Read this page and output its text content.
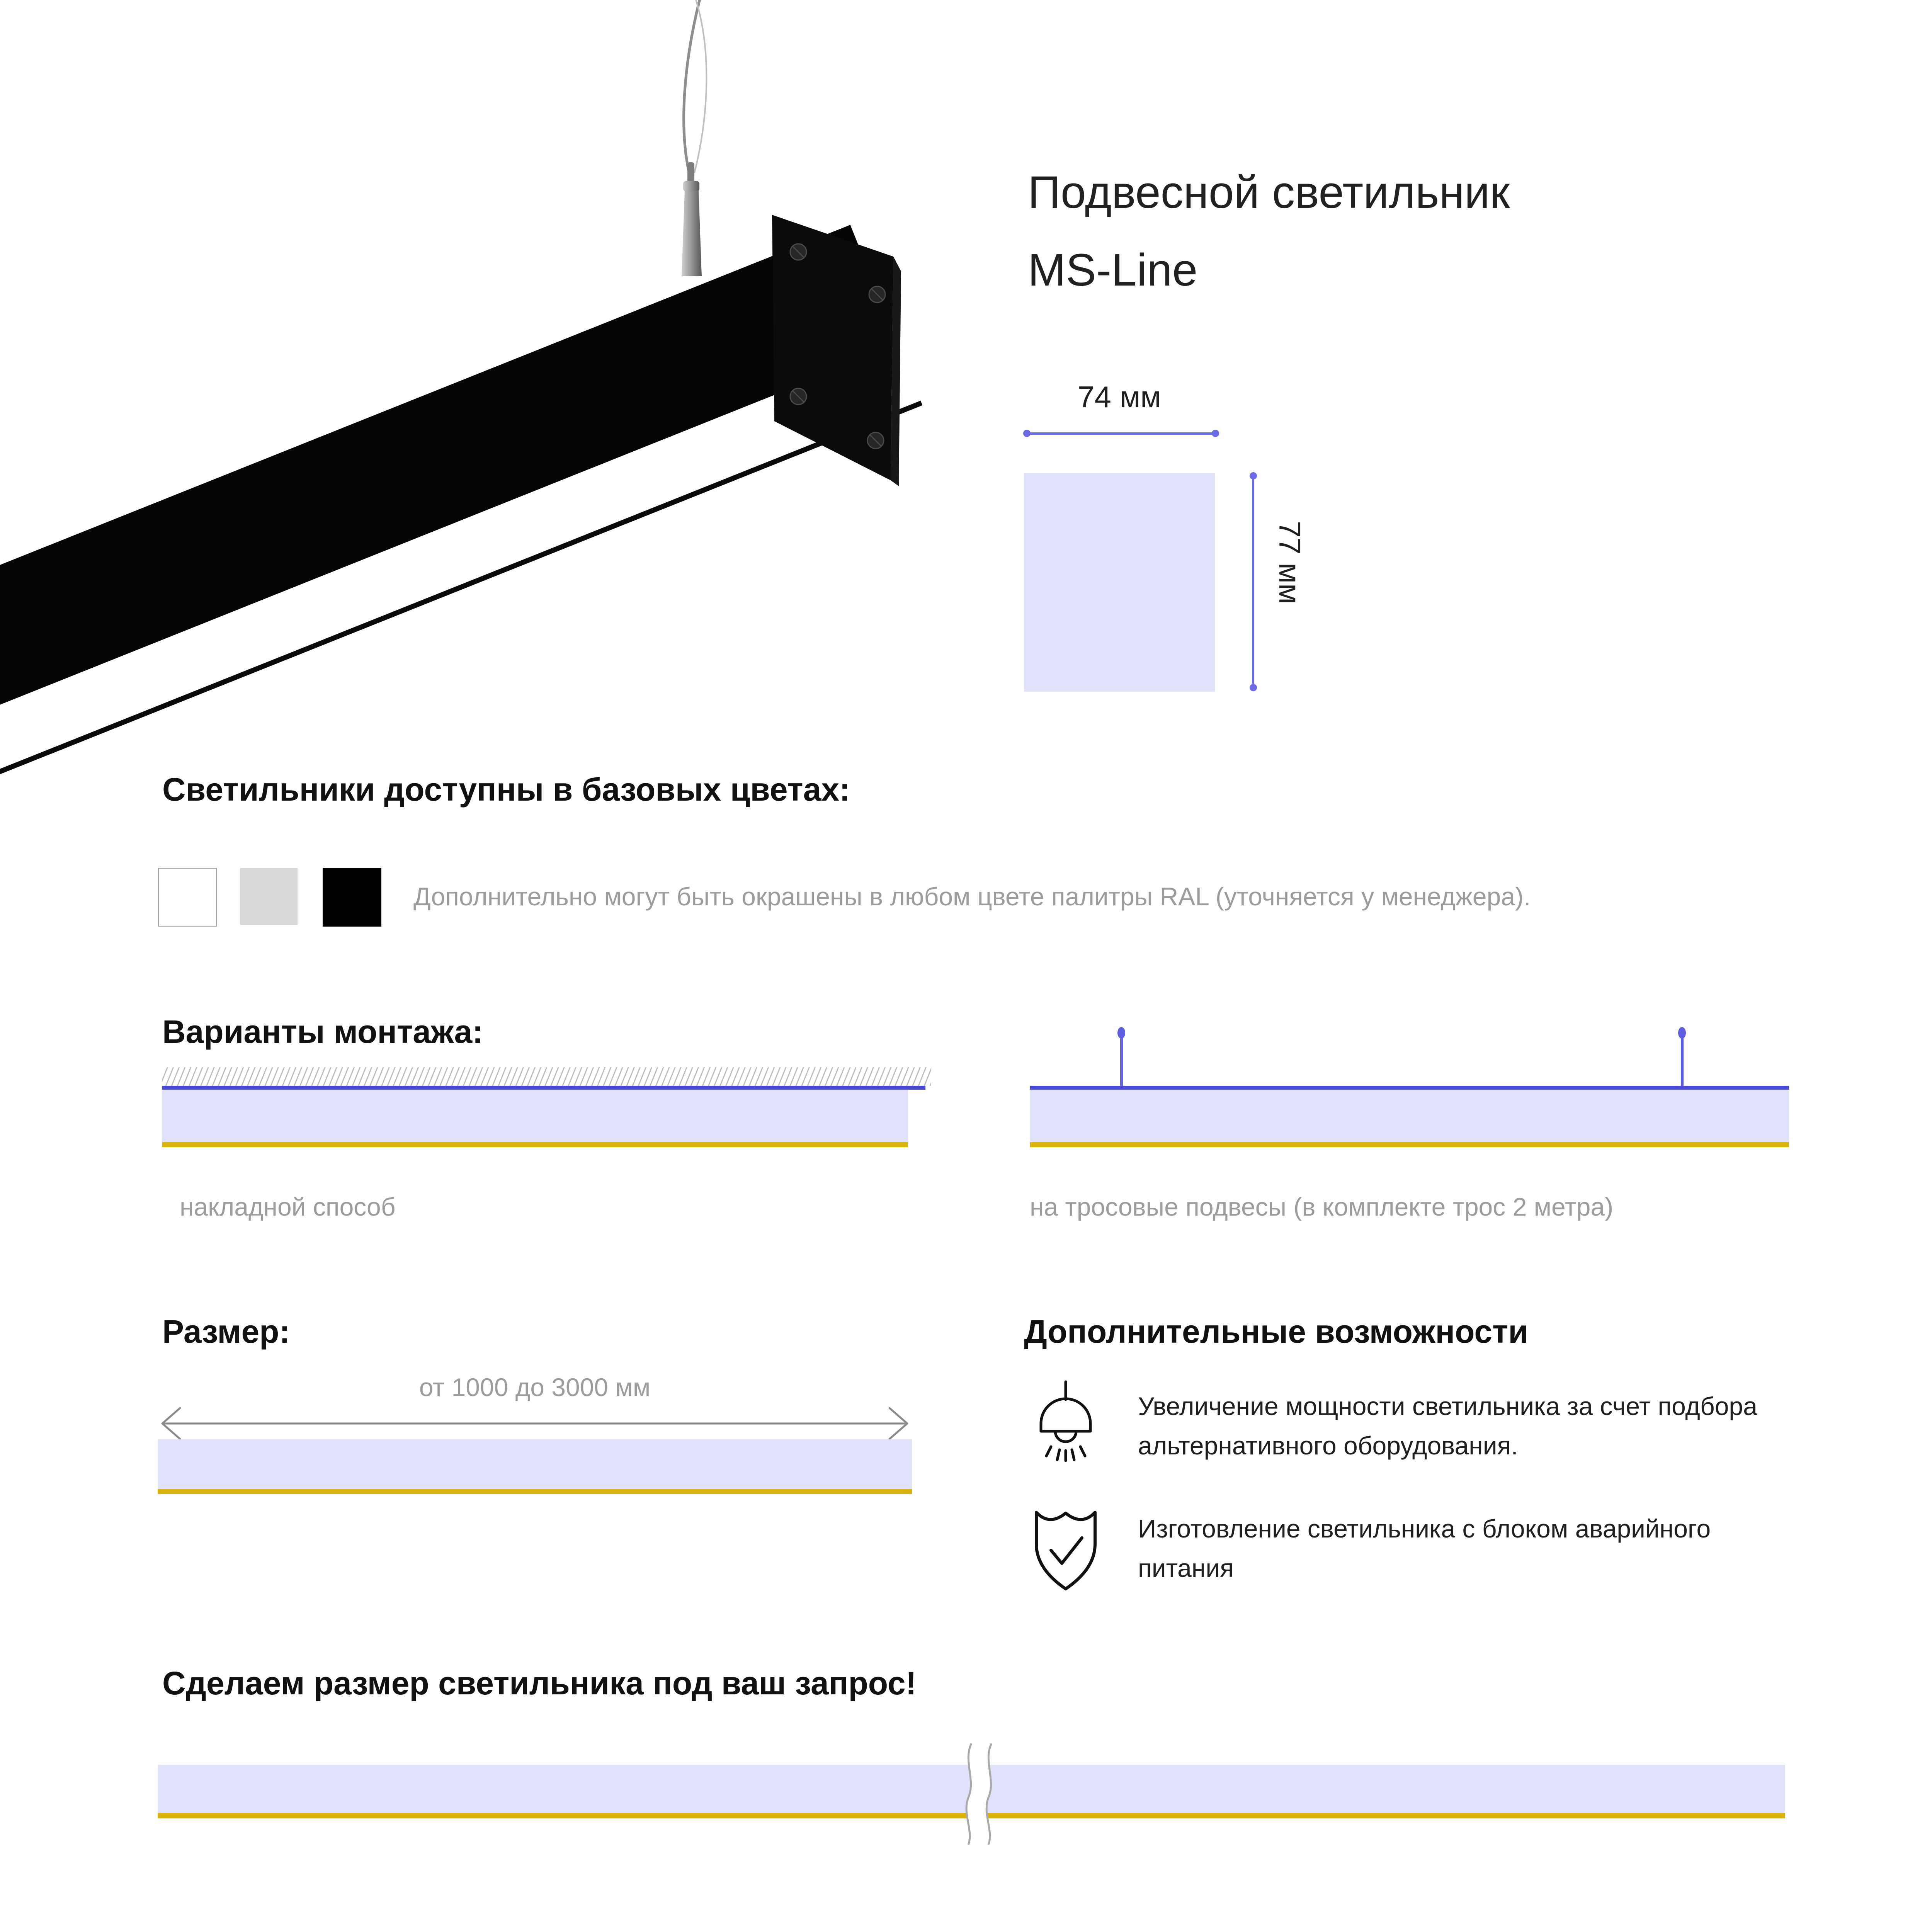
Подвесной светильник
MS-Line
74 мм
77 мм
Светильники доступны в базовых цветах:
Дополнительно могут быть окрашены в любом цвете палитры RAL (уточняется у менеджера).
Варианты монтажа:
накладной способ	на тросовые подвесы (в комплекте трос 2 метра)
Размер:
от 1000 до 3000 мм
Дополнительные возможности
Увеличение мощности светильника за счет подбора альтернативного оборудования.
Изготовление светильника с блоком аварийного питания
Сделаем размер светильника под ваш запрос!
